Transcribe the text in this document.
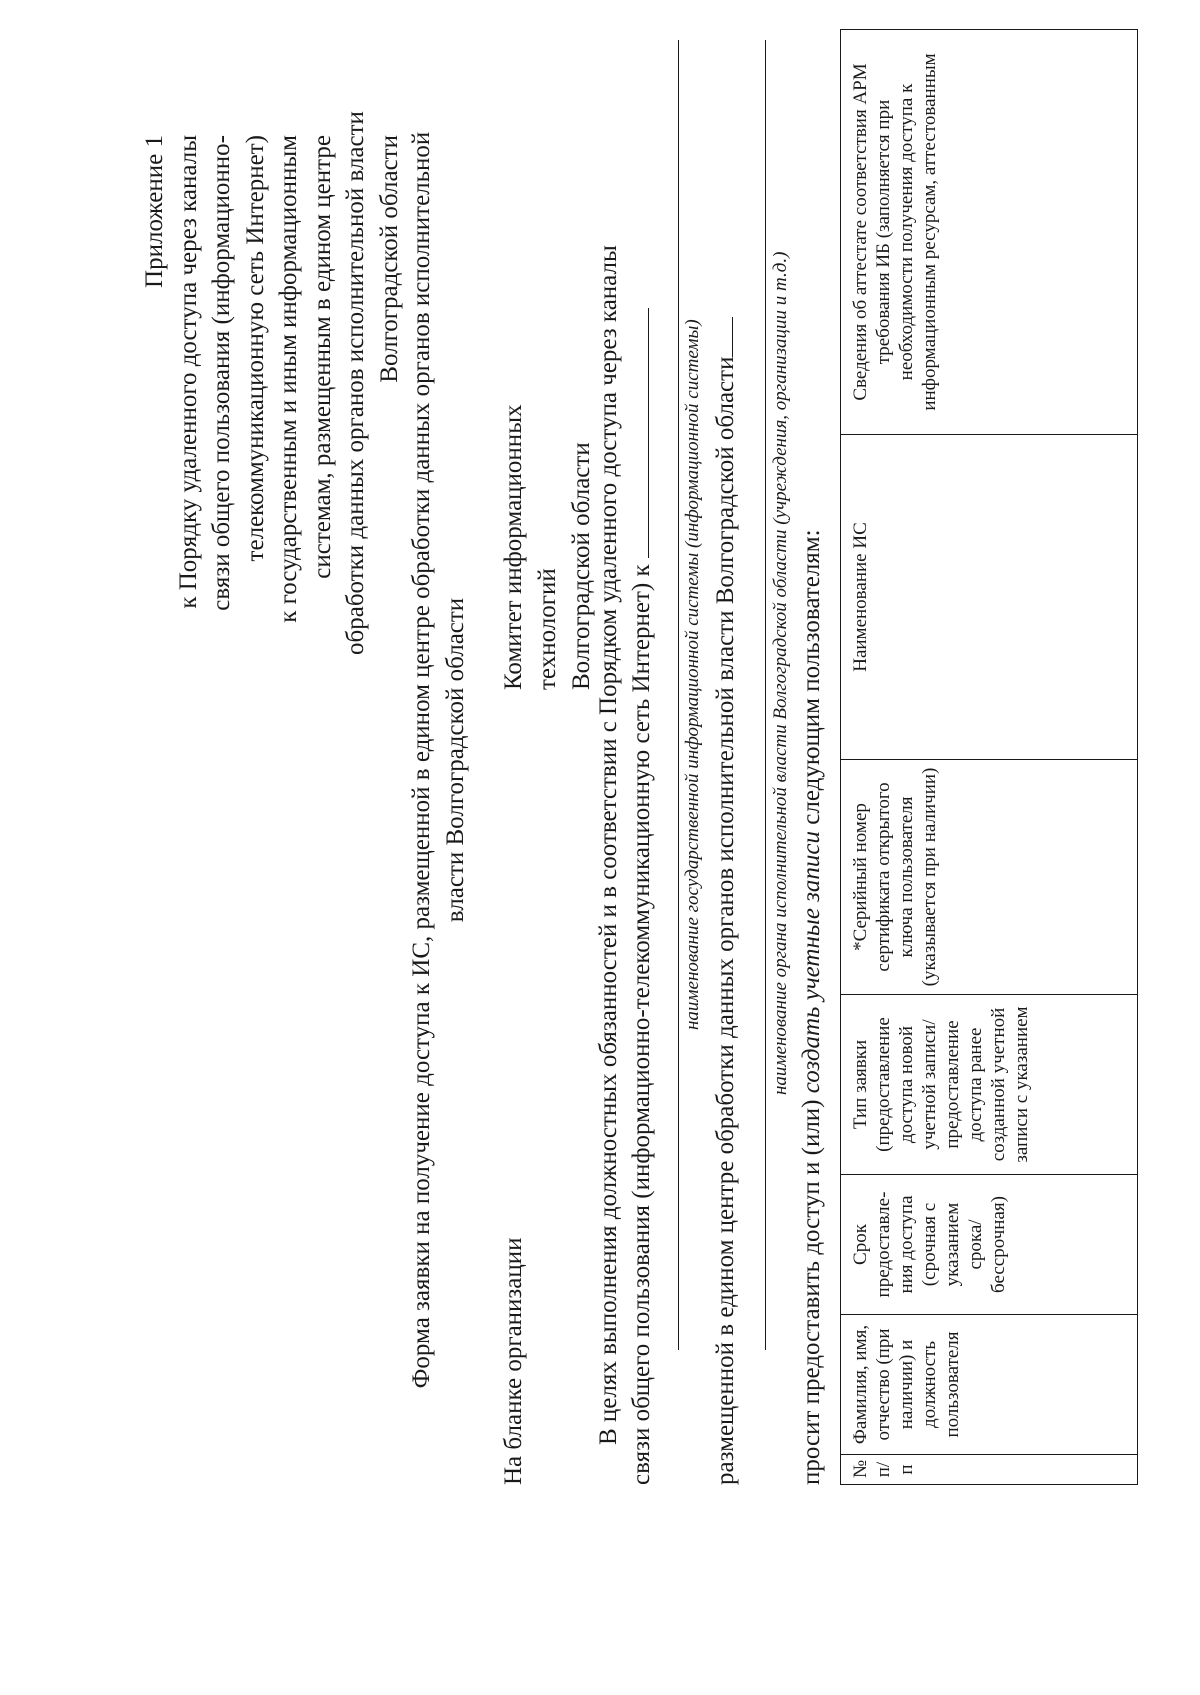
Приложение 1 к Порядку удаленного доступа через каналы связи общего пользования (информационно- телекоммуникационную сеть Интернет) к государственным и иным информационным системам, размещенным в едином центре обработки данных органов исполнительной власти Волгоградской области Форма заявки на получение доступа к ИС, размещенной в едином центре обработки данных органов исполнительной власти Волгоградской области
На бланке организации
Комитет информационных технологий Волгоградской области В целях выполнения должностных обязанностей и в соответствии с Порядком удаленного доступа через каналы связи общего пользования (информационно-телекоммуникационную сеть Интернет) к наименование государственной информационной системы (информационной системы) размещенной в едином центре обработки данных органов исполнительной власти Волгоградской области наименование органа исполнительной власти Волгоградской области (учреждения, организации и т.д.)
просит предоставить доступ и (или) создать учетные записи следующим пользователям:
№ п/п	Фамилия, имя, отчество (при наличии) и должность пользователя	Срок предоставле-ния доступа (срочная с указанием срока/ бессрочная)	Тип заявки (предоставление доступа новой учетной записи/ предоставление доступа ранее созданной учетной записи с указанием	*Серийный номер сертификата открытого ключа пользователя (указывается при наличии)	Наименование ИС	Сведения об аттестате соответствия АРМ требования ИБ (заполняется при необходимости получения доступа к информационным ресурсам, аттестованным
